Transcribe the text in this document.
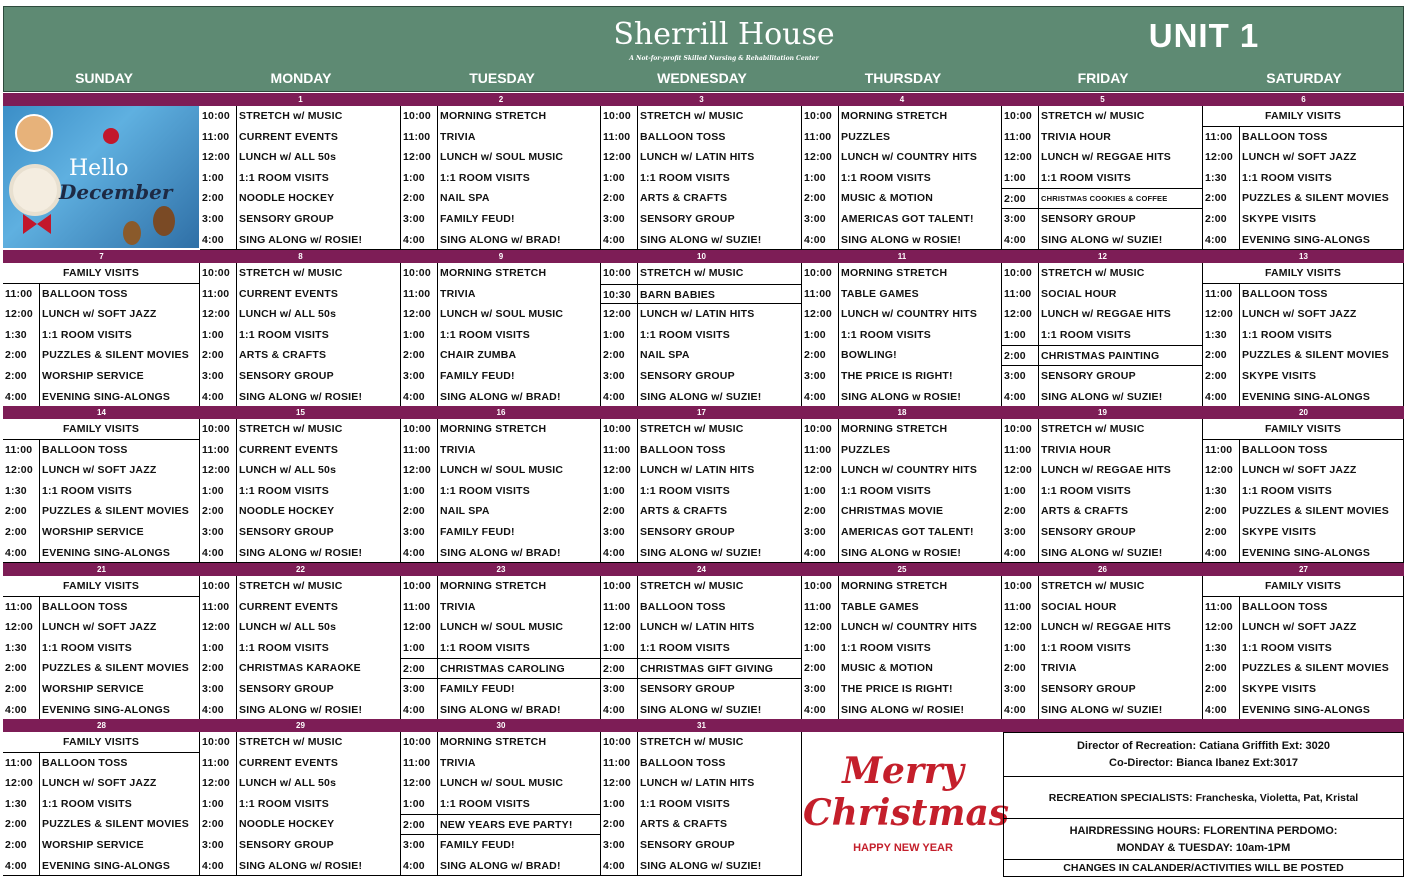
Sherrill House
A Not-for-profit Skilled Nursing & Rehabilitation Center
UNIT 1
SUNDAY	MONDAY	TUESDAY	WEDNESDAY	THURSDAY	FRIDAY	SATURDAY
1
10:00 STRETCH w/ MUSIC
11:00 CURRENT EVENTS
12:00 LUNCH w/ ALL 50s
1:00	1:1 ROOM VISITS
2:00	NOODLE HOCKEY
3:00	SENSORY GROUP
4:00	SING ALONG w/ ROSIE!
2
10:00 MORNING STRETCH
11:00 TRIVIA
12:00 LUNCH w/ SOUL MUSIC
1:00	1:1 ROOM VISITS
2:00	NAIL SPA
3:00	FAMILY FEUD!
4:00	SING ALONG w/ BRAD!
3
10:00 STRETCH w/ MUSIC
11:00 BALLOON TOSS
12:00 LUNCH w/ LATIN HITS
1:00	1:1 ROOM VISITS
2:00	ARTS & CRAFTS
3:00	SENSORY GROUP
4:00	SING ALONG w/ SUZIE!
4
10:00 MORNING STRETCH
11:00 PUZZLES
12:00 LUNCH w/ COUNTRY HITS
1:00	1:1 ROOM VISITS
2:00	MUSIC & MOTION
3:00	AMERICAS GOT TALENT!
4:00	SING ALONG w ROSIE!
5
10:00 STRETCH w/ MUSIC
11:00 TRIVIA HOUR
12:00 LUNCH w/ REGGAE HITS
1:00	1:1 ROOM VISITS
2:00	CHRISTMAS COOKIES & COFFEE
3:00	SENSORY GROUP
4:00	SING ALONG w/ SUZIE!
6
FAMILY VISITS
11:00 BALLOON TOSS
12:00 LUNCH w/ SOFT JAZZ
1:30	1:1 ROOM VISITS
2:00	PUZZLES & SILENT MOVIES
2:00	SKYPE VISITS
4:00	EVENING SING-ALONGS
7
FAMILY VISITS
11:00 BALLOON TOSS
12:00 LUNCH w/ SOFT JAZZ
1:30	1:1 ROOM VISITS
2:00	PUZZLES & SILENT MOVIES
2:00	WORSHIP SERVICE
4:00	EVENING SING-ALONGS
8
10:00 STRETCH w/ MUSIC
11:00 CURRENT EVENTS
12:00 LUNCH w/ ALL 50s
1:00	1:1 ROOM VISITS
2:00	ARTS & CRAFTS
3:00	SENSORY GROUP
4:00	SING ALONG w/ ROSIE!
9
10:00 MORNING STRETCH
11:00 TRIVIA
12:00 LUNCH w/ SOUL MUSIC
1:00	1:1 ROOM VISITS
2:00	CHAIR ZUMBA
3:00	FAMILY FEUD!
4:00	SING ALONG w/ BRAD!
10
10:00 STRETCH w/ MUSIC
10:30 BARN BABIES
12:00 LUNCH w/ LATIN HITS
1:00	1:1 ROOM VISITS
2:00	NAIL SPA
3:00	SENSORY GROUP
4:00	SING ALONG w/ SUZIE!
11
10:00 MORNING STRETCH
11:00 TABLE GAMES
12:00 LUNCH w/ COUNTRY HITS
1:00	1:1 ROOM VISITS
2:00	BOWLING!
3:00	THE PRICE IS RIGHT!
4:00	SING ALONG w ROSIE!
12
10:00 STRETCH w/ MUSIC
11:00 SOCIAL HOUR
12:00 LUNCH w/ REGGAE HITS
1:00	1:1 ROOM VISITS
2:00	CHRISTMAS PAINTING
3:00	SENSORY GROUP
4:00	SING ALONG w/ SUZIE!
13
FAMILY VISITS
11:00 BALLOON TOSS
12:00 LUNCH w/ SOFT JAZZ
1:30	1:1 ROOM VISITS
2:00	PUZZLES & SILENT MOVIES
2:00	SKYPE VISITS
4:00	EVENING SING-ALONGS
14
FAMILY VISITS
11:00 BALLOON TOSS
12:00 LUNCH w/ SOFT JAZZ
1:30	1:1 ROOM VISITS
2:00	PUZZLES & SILENT MOVIES
2:00	WORSHIP SERVICE
4:00	EVENING SING-ALONGS
15
10:00 STRETCH w/ MUSIC
11:00 CURRENT EVENTS
12:00 LUNCH w/ ALL 50s
1:00	1:1 ROOM VISITS
2:00	NOODLE HOCKEY
3:00	SENSORY GROUP
4:00	SING ALONG w/ ROSIE!
16
10:00 MORNING STRETCH
11:00 TRIVIA
12:00 LUNCH w/ SOUL MUSIC
1:00	1:1 ROOM VISITS
2:00	NAIL SPA
3:00	FAMILY FEUD!
4:00	SING ALONG w/ BRAD!
17
10:00 STRETCH w/ MUSIC
11:00 BALLOON TOSS
12:00 LUNCH w/ LATIN HITS
1:00	1:1 ROOM VISITS
2:00	ARTS & CRAFTS
3:00	SENSORY GROUP
4:00	SING ALONG w/ SUZIE!
18
10:00 MORNING STRETCH
11:00 PUZZLES
12:00 LUNCH w/ COUNTRY HITS
1:00	1:1 ROOM VISITS
2:00	CHRISTMAS MOVIE
3:00	AMERICAS GOT TALENT!
4:00	SING ALONG w ROSIE!
19
10:00 STRETCH w/ MUSIC
11:00 TRIVIA HOUR
12:00 LUNCH w/ REGGAE HITS
1:00	1:1 ROOM VISITS
2:00	ARTS & CRAFTS
3:00	SENSORY GROUP
4:00	SING ALONG w/ SUZIE!
20
FAMILY VISITS
11:00 BALLOON TOSS
12:00 LUNCH w/ SOFT JAZZ
1:30	1:1 ROOM VISITS
2:00	PUZZLES & SILENT MOVIES
2:00	SKYPE VISITS
4:00	EVENING SING-ALONGS
21
FAMILY VISITS
11:00 BALLOON TOSS
12:00 LUNCH w/ SOFT JAZZ
1:30	1:1 ROOM VISITS
2:00	PUZZLES & SILENT MOVIES
2:00	WORSHIP SERVICE
4:00	EVENING SING-ALONGS
22
10:00 STRETCH w/ MUSIC
11:00 CURRENT EVENTS
12:00 LUNCH w/ ALL 50s
1:00	1:1 ROOM VISITS
2:00	CHRISTMAS KARAOKE
3:00	SENSORY GROUP
4:00	SING ALONG w/ ROSIE!
23
10:00 MORNING STRETCH
11:00 TRIVIA
12:00 LUNCH w/ SOUL MUSIC
1:00	1:1 ROOM VISITS
2:00	CHRISTMAS CAROLING
3:00	FAMILY FEUD!
4:00	SING ALONG w/ BRAD!
24
10:00 STRETCH w/ MUSIC
11:00 BALLOON TOSS
12:00 LUNCH w/ LATIN HITS
1:00	1:1 ROOM VISITS
2:00	CHRISTMAS GIFT GIVING
3:00	SENSORY GROUP
4:00	SING ALONG w/ SUZIE!
25
10:00 MORNING STRETCH
11:00 TABLE GAMES
12:00 LUNCH w/ COUNTRY HITS
1:00	1:1 ROOM VISITS
2:00	MUSIC & MOTION
3:00	THE PRICE IS RIGHT!
4:00	SING ALONG w/ ROSIE!
26
10:00 STRETCH w/ MUSIC
11:00 SOCIAL HOUR
12:00 LUNCH w/ REGGAE HITS
1:00	1:1 ROOM VISITS
2:00	TRIVIA
3:00	SENSORY GROUP
4:00	SING ALONG w/ SUZIE!
27
FAMILY VISITS
11:00 BALLOON TOSS
12:00 LUNCH w/ SOFT JAZZ
1:30	1:1 ROOM VISITS
2:00	PUZZLES & SILENT MOVIES
2:00	SKYPE VISITS
4:00	EVENING SING-ALONGS
28
FAMILY VISITS
11:00 BALLOON TOSS
12:00 LUNCH w/ SOFT JAZZ
1:30	1:1 ROOM VISITS
2:00	PUZZLES & SILENT MOVIES
2:00	WORSHIP SERVICE
4:00	EVENING SING-ALONGS
29
10:00 STRETCH w/ MUSIC
11:00 CURRENT EVENTS
12:00 LUNCH w/ ALL 50s
1:00	1:1 ROOM VISITS
2:00	NOODLE HOCKEY
3:00	SENSORY GROUP
4:00	SING ALONG w/ ROSIE!
30
10:00 MORNING STRETCH
11:00 TRIVIA
12:00 LUNCH w/ SOUL MUSIC
1:00	1:1 ROOM VISITS
2:00	NEW YEARS EVE PARTY!
3:00	FAMILY FEUD!
4:00	SING ALONG w/ BRAD!
31
10:00 STRETCH w/ MUSIC
11:00 BALLOON TOSS
12:00 LUNCH w/ LATIN HITS
1:00	1:1 ROOM VISITS
2:00	ARTS & CRAFTS
3:00	SENSORY GROUP
4:00	SING ALONG w/ SUZIE!
Hello
December
Merry
Christmas
HAPPY NEW YEAR
Director of Recreation: Catiana Griffith Ext: 3020
Co-Director: Bianca Ibanez Ext:3017
RECREATION SPECIALISTS: Francheska, Violetta, Pat, Kristal
HAIRDRESSING HOURS: FLORENTINA PERDOMO:
MONDAY & TUESDAY: 10am-1PM
CHANGES IN CALANDER/ACTIVITIES WILL BE POSTED
